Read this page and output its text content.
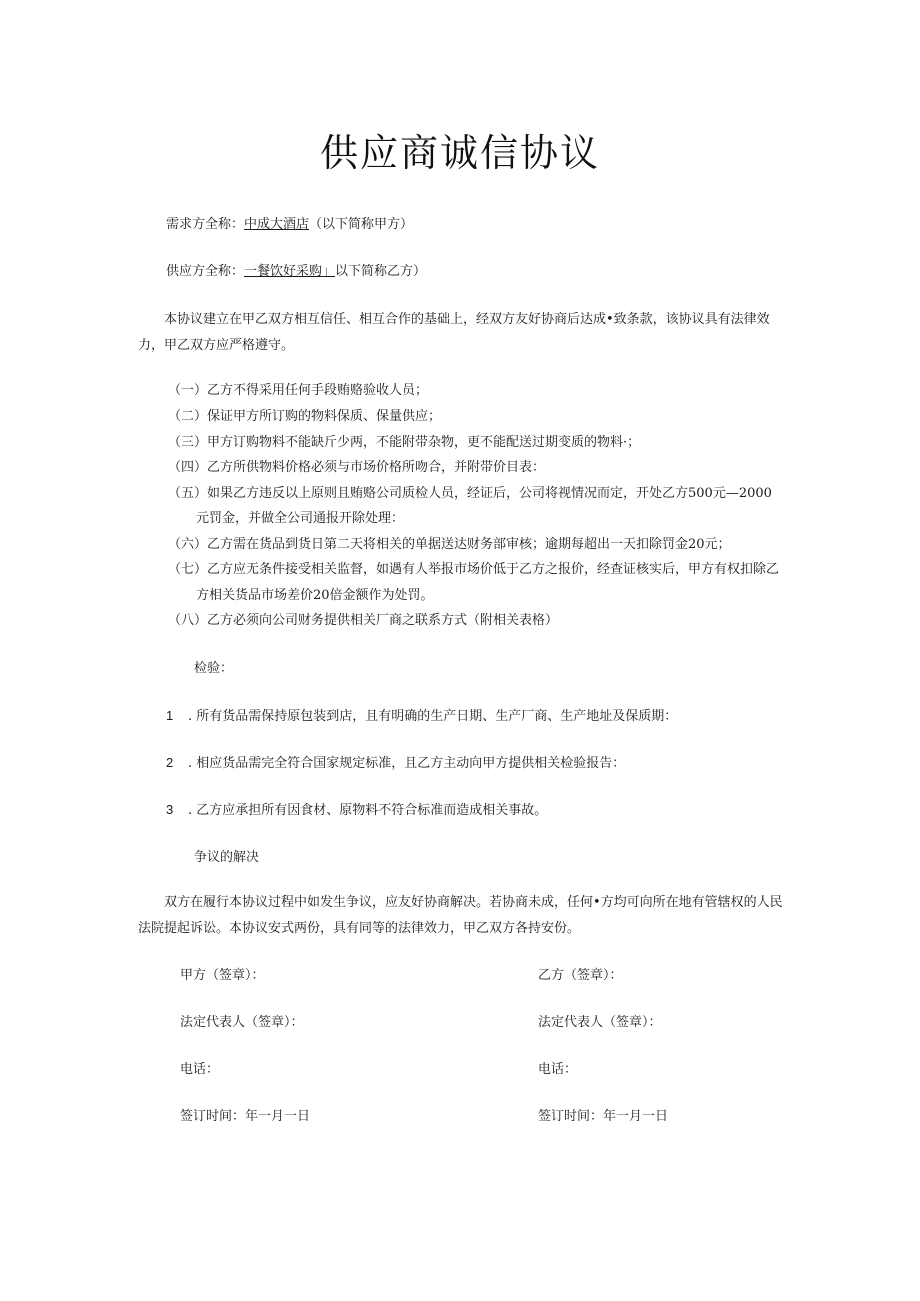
供应商诚信协议
需求方全称：中成大酒店（以下简称甲方）
供应方全称：一餐饮好采购」以下简称乙方）
本协议建立在甲乙双方相互信任、相互合作的基础上，经双方友好协商后达成•致条款，该协议具有法律效力，甲乙双方应严格遵守。
（一）乙方不得采用任何手段贿赂验收人员；
（二）保证甲方所订购的物料保质、保量供应；
（三）甲方订购物料不能缺斤少两，不能附带杂物，更不能配送过期变质的物料·；
（四）乙方所供物料价格必须与市场价格所吻合，并附带价目表：
（五）如果乙方违反以上原则且贿赂公司质检人员，经证后，公司将视情况而定，开处乙方500元—2000
元罚金，并做全公司通报开除处理：
（六）乙方需在货品到货日第二天将相关的单据送达财务部审核；逾期每超出一天扣除罚金20元；
（七）乙方应无条件接受相关监督，如遇有人举报市场价低于乙方之报价，经查证核实后，甲方有权扣除乙
方相关货品市场差价20倍金额作为处罚。
（八）乙方必须向公司财务提供相关厂商之联系方式（附相关表格）
检验：
1 . 所有货品需保持原包装到店，且有明确的生产日期、生产厂商、生产地址及保质期：
2 . 相应货品需完全符合国家规定标准，且乙方主动向甲方提供相关检验报告：
3 . 乙方应承担所有因食材、原物料不符合标准而造成相关事故。
争议的解决
双方在履行本协议过程中如发生争议，应友好协商解决。若协商未成，任何•方均可向所在地有管辖权的人民法院提起诉讼。本协议安式两份，具有同等的法律效力，甲乙双方各持安份。
甲方（签章）：	乙方（签章）：
法定代表人（签章）：	法定代表人（签章）：
电话：	电话：
签订时间：年一月一日	签订时间：年一月一日
